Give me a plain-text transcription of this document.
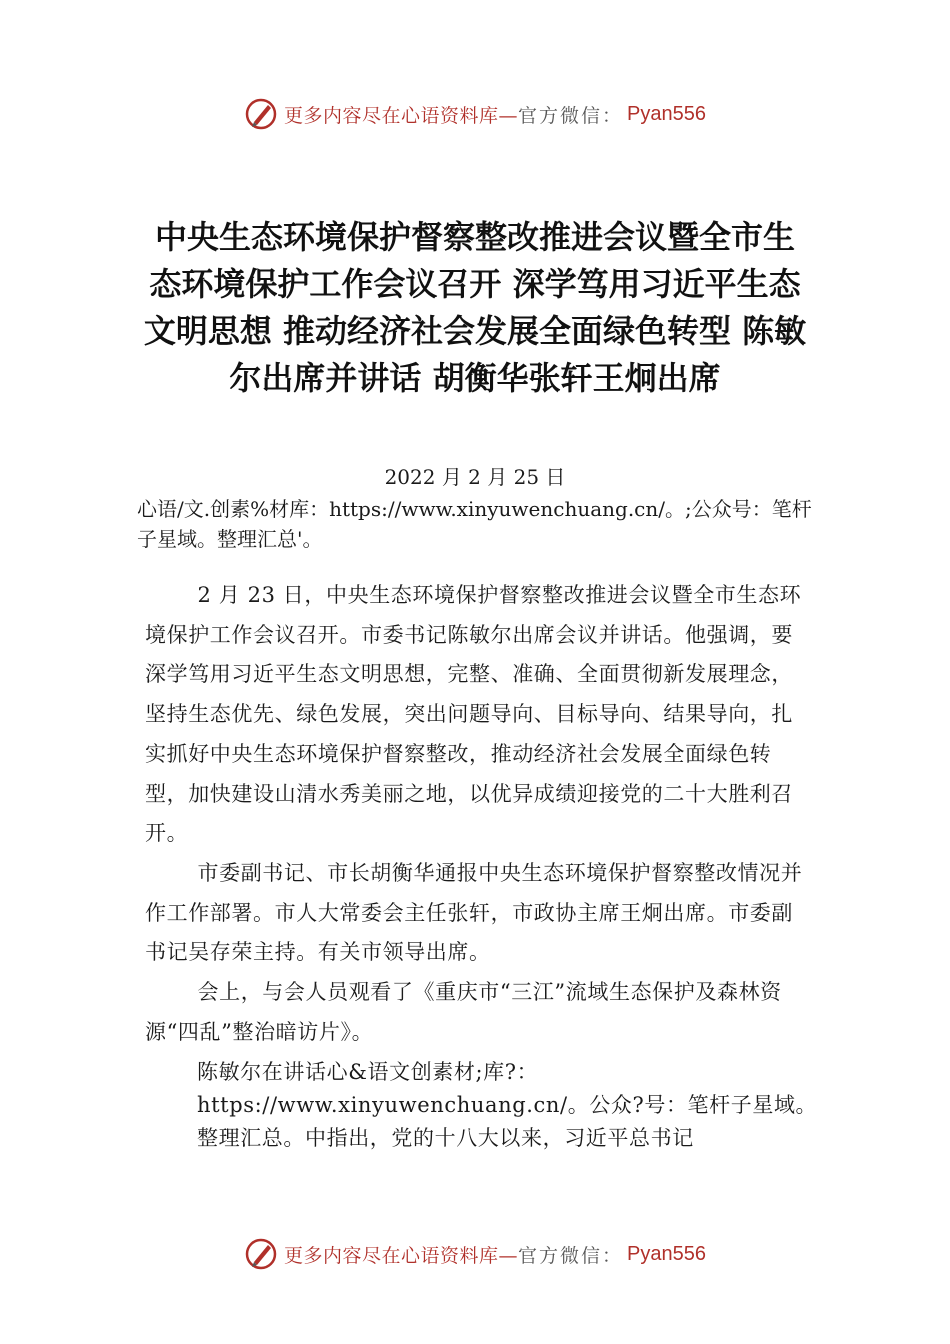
更多内容尽在心语资料库— 官方微信： Pyan556
中央生态环境保护督察整改推进会议暨全市生态环境保护工作会议召开 深学笃用习近平生态文明思想 推动经济社会发展全面绿色转型 陈敏尔出席并讲话 胡衡华张轩王炯出席
2022 月 2 月 25 日
心语/文.创素%材库：https://www.xinyuwenchuang.cn/。;公众号：笔杆子星域。整理汇总'。

2 月 23 日，中央生态环境保护督察整改推进会议暨全市生态环境保护工作会议召开。市委书记陈敏尔出席会议并讲话。他强调，要深学笃用习近平生态文明思想，完整、准确、全面贯彻新发展理念，坚持生态优先、绿色发展，突出问题导向、目标导向、结果导向，扎实抓好中央生态环境保护督察整改，推动经济社会发展全面绿色转型，加快建设山清水秀美丽之地，以优异成绩迎接党的二十大胜利召开。

市委副书记、市长胡衡华通报中央生态环境保护督察整改情况并作工作部署。市人大常委会主任张轩，市政协主席王炯出席。市委副书记吴存荣主持。有关市领导出席。

会上，与会人员观看了《重庆市“三江”流域生态保护及森林资源“四乱”整治暗访片》。

陈敏尔在讲话心&语文创素材;库?：https://www.xinyuwenchuang.cn/。公众?号：笔杆子星域。整理汇总。中指出，党的十八大以来，习近平总书记
更多内容尽在心语资料库— 官方微信： Pyan556
